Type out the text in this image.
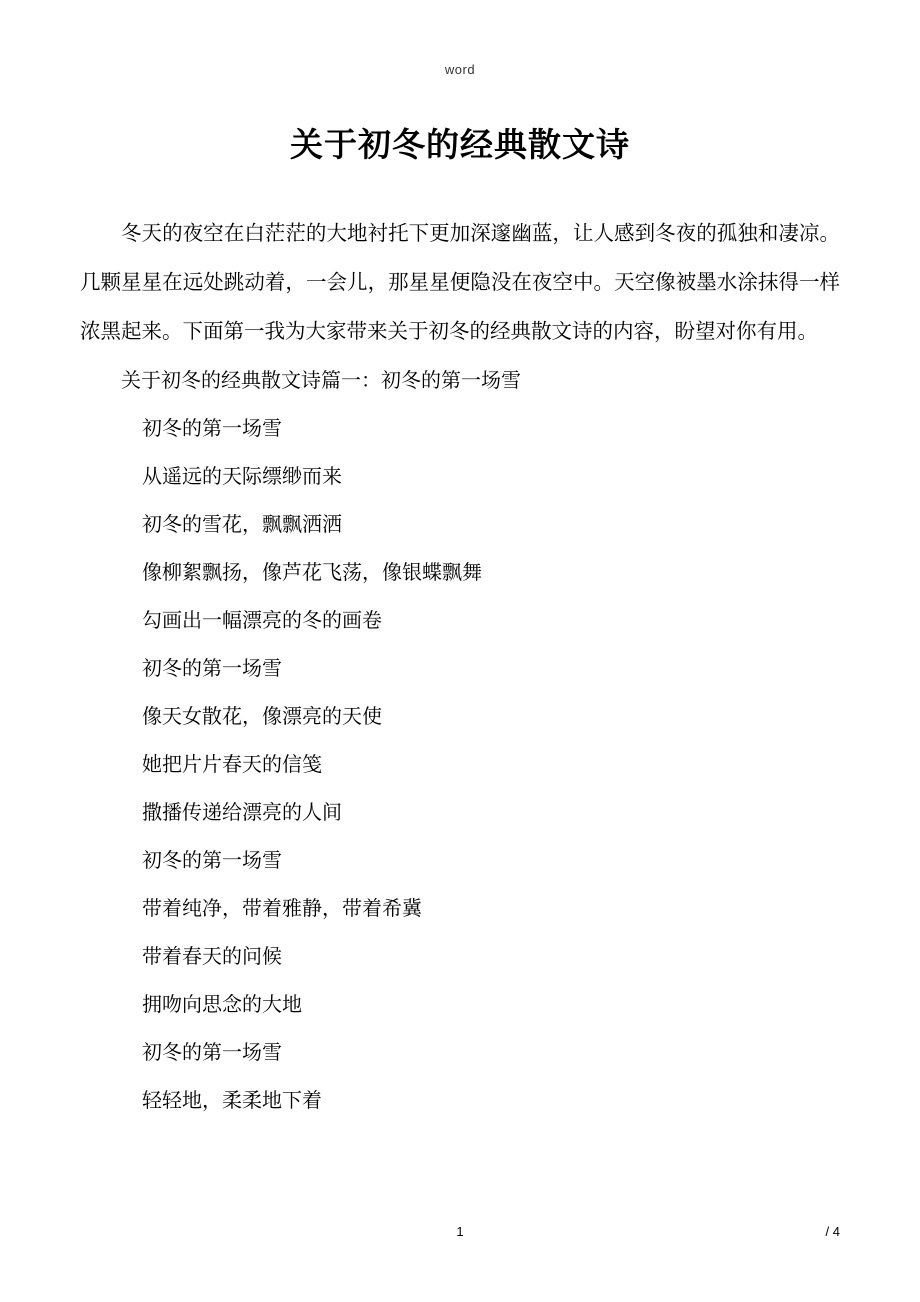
word
关于初冬的经典散文诗

冬天的夜空在白茫茫的大地衬托下更加深邃幽蓝，让人感到冬夜的孤独和凄凉。几颗星星在远处跳动着，一会儿，那星星便隐没在夜空中。天空像被墨水涂抹得一样浓黑起来。下面第一我为大家带来关于初冬的经典散文诗的内容，盼望对你有用。

关于初冬的经典散文诗篇一：初冬的第一场雪

初冬的第一场雪

从遥远的天际缥缈而来

初冬的雪花，飘飘洒洒

像柳絮飘扬，像芦花飞荡，像银蝶飘舞

勾画出一幅漂亮的冬的画卷

初冬的第一场雪

像天女散花，像漂亮的天使

她把片片春天的信笺

撒播传递给漂亮的人间

初冬的第一场雪

带着纯净，带着雅静，带着希冀

带着春天的问候

拥吻向思念的大地

初冬的第一场雪

轻轻地，柔柔地下着

1	/ 4
